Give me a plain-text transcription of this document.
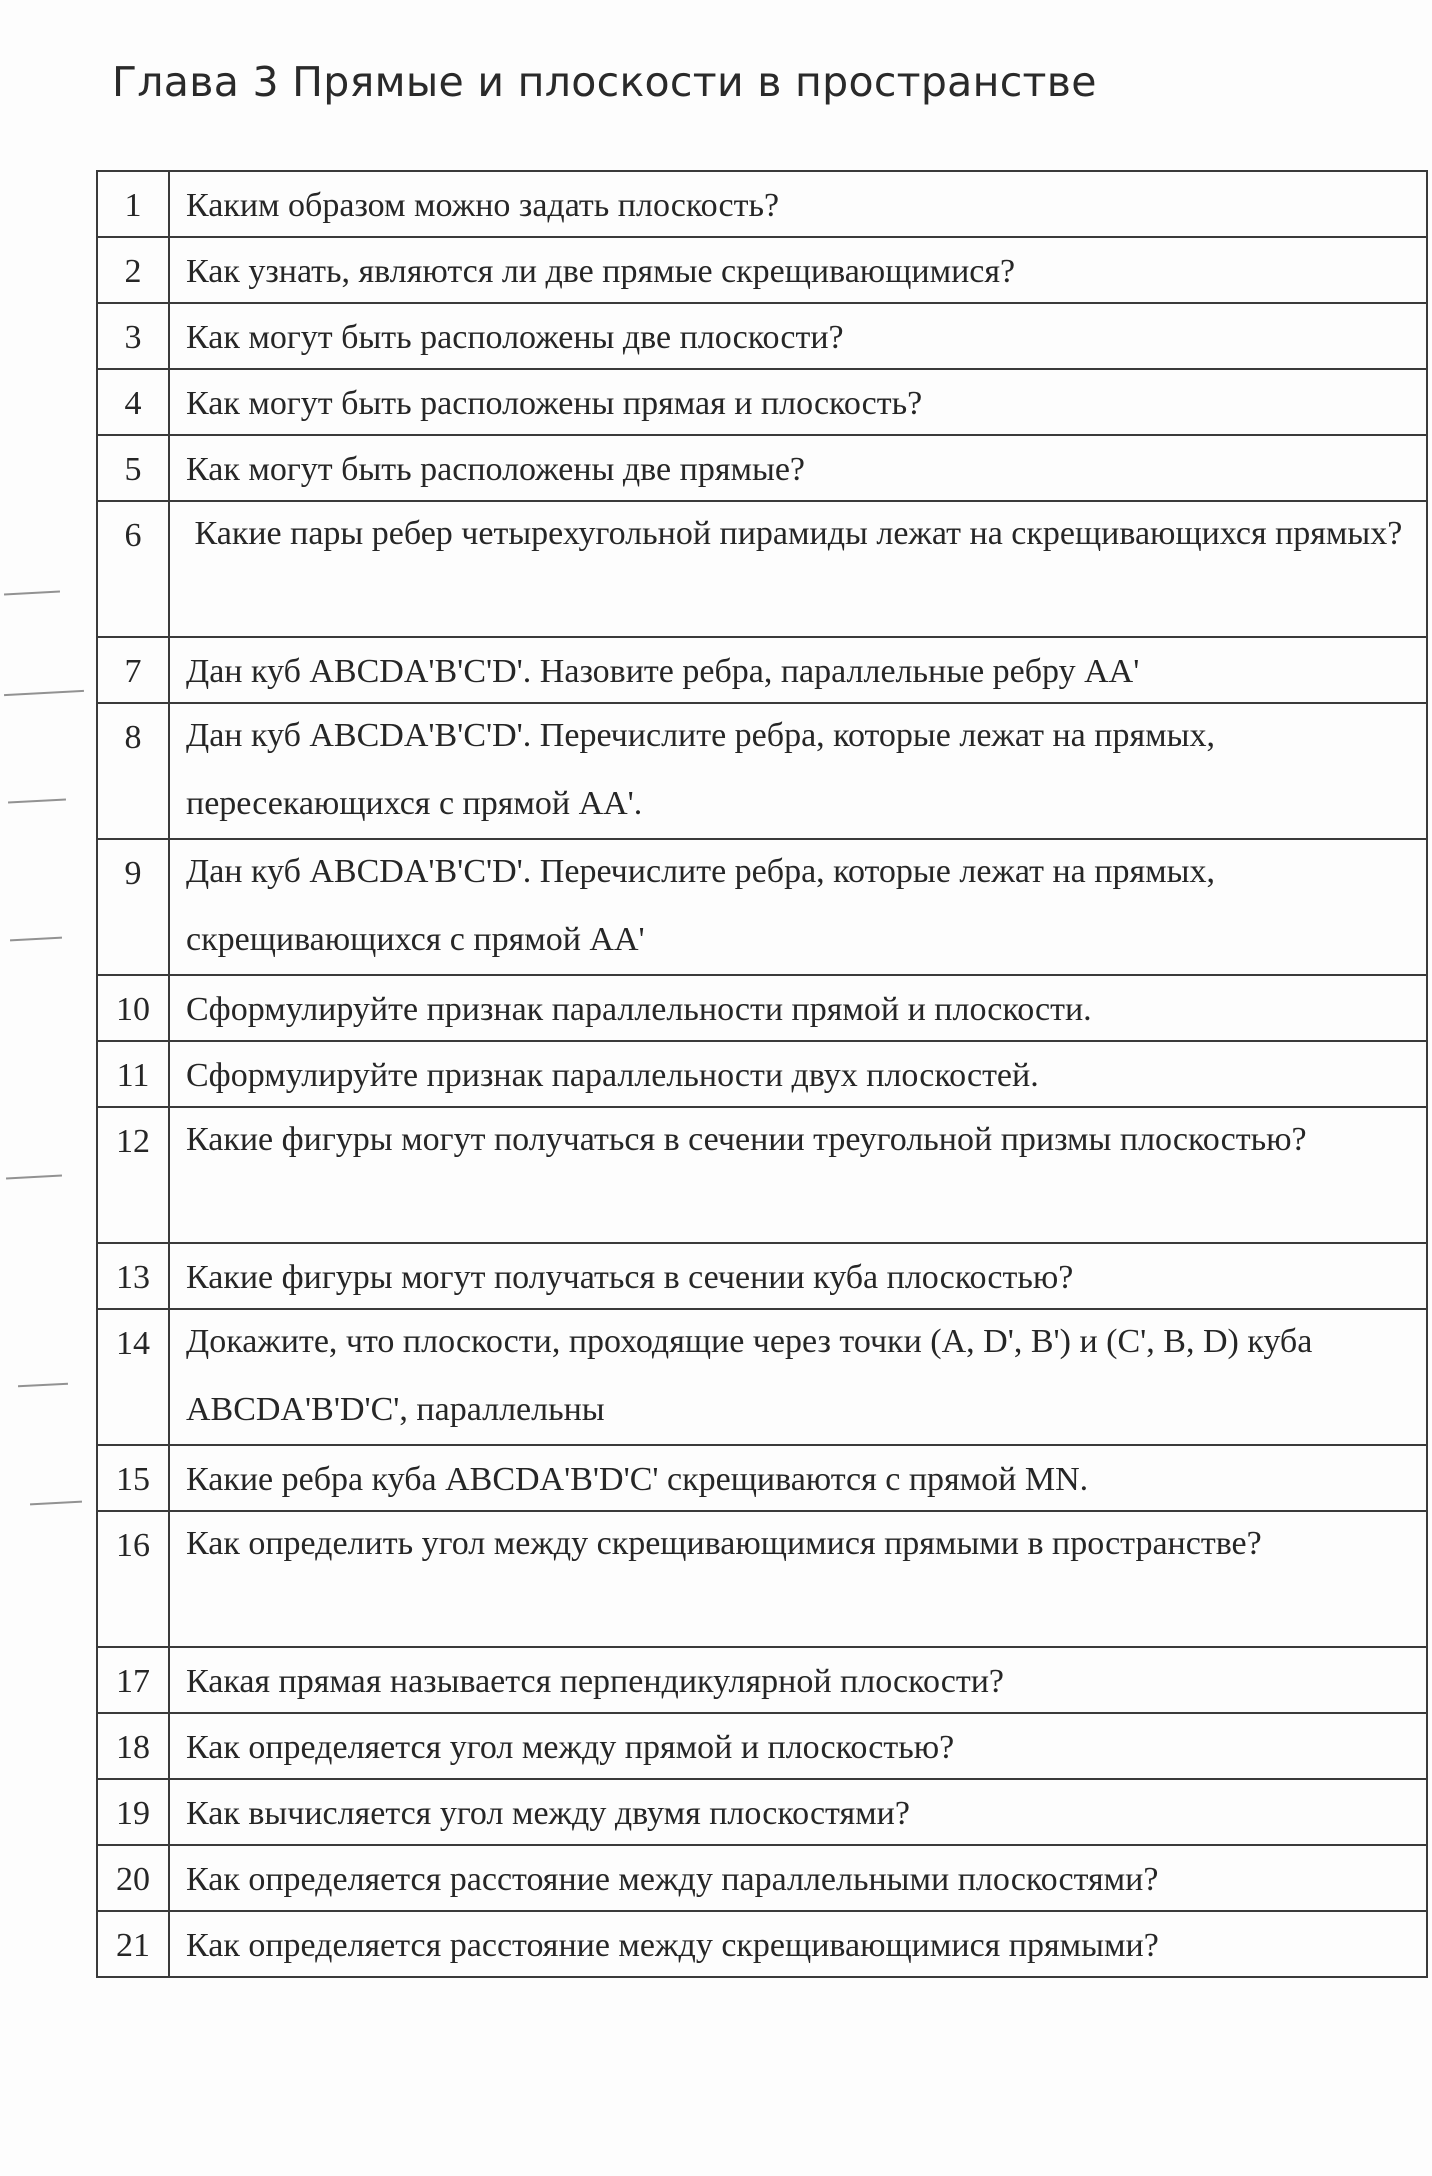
Глава 3 Прямые и плоскости в пространстве
1	Каким образом можно задать плоскость?
2	Как узнать, являются ли две прямые скрещивающимися?
3	Как могут быть расположены две плоскости?
4	Как могут быть расположены прямая и плоскость?
5	Как могут быть расположены две прямые?
6	Какие пары ребер четырехугольной пирамиды лежат на скрещивающихся прямых?

7	Дан куб ABCDA'B'C'D'. Назовите ребра, параллельные ребру AA'
8	Дан куб ABCDA'B'C'D'. Перечислите ребра, которые лежат на прямых, пересекающихся с прямой AA'.

9	Дан куб ABCDA'B'C'D'. Перечислите ребра, которые лежат на прямых, скрещивающихся с прямой AA'

10	Сформулируйте признак параллельности прямой и плоскости.
11	Сформулируйте признак параллельности двух плоскостей.
12	Какие фигуры могут получаться в сечении треугольной призмы плоскостью?

13	Какие фигуры могут получаться в сечении куба плоскостью?
14	Докажите, что плоскости, проходящие через точки (A, D', B') и (C', B, D) куба ABCDA'B'D'C', параллельны

15	Какие ребра куба ABCDA'B'D'C' скрещиваются с прямой MN.
16	Как определить угол между скрещивающимися прямыми в пространстве?

17	Какая прямая называется перпендикулярной плоскости?
18	Как определяется угол между прямой и плоскостью?
19	Как вычисляется угол между двумя плоскостями?
20	Как определяется расстояние между параллельными плоскостями?
21	Как определяется расстояние между скрещивающимися прямыми?
